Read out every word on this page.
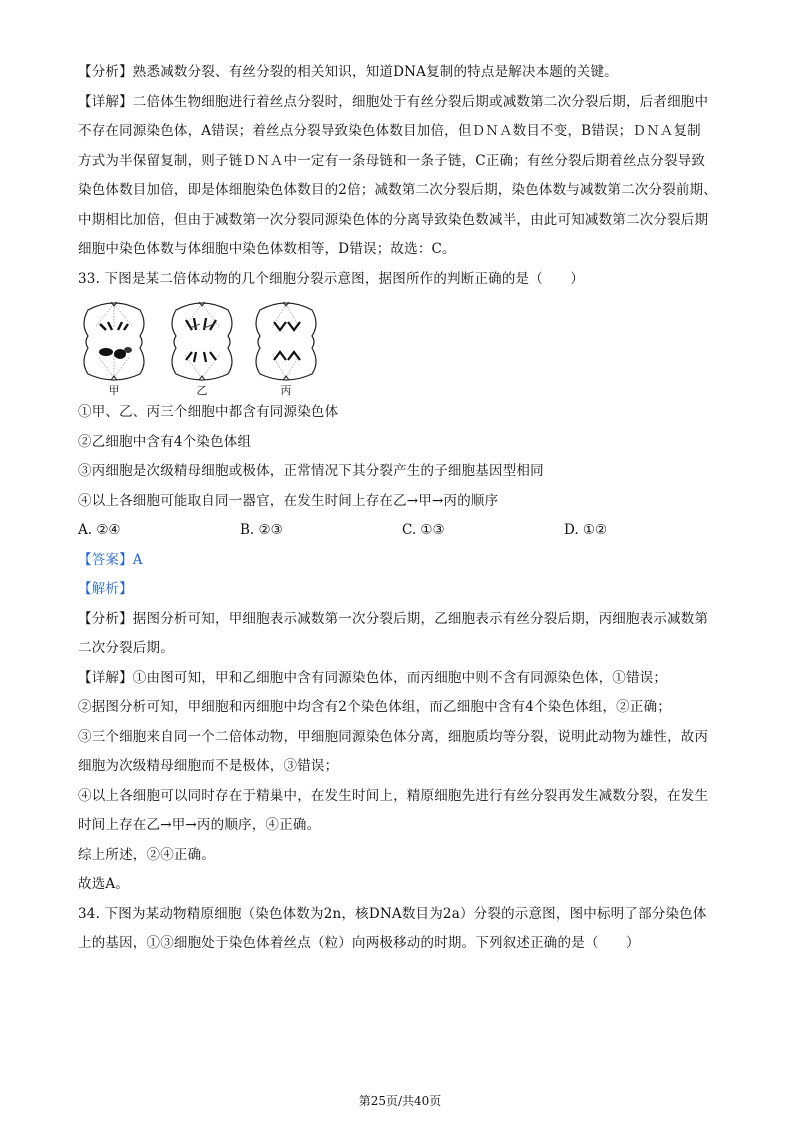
【分析】熟悉减数分裂、有丝分裂的相关知识，知道DNA复制的特点是解决本题的关键。

【详解】二倍体生物细胞进行着丝点分裂时，细胞处于有丝分裂后期或减数第二次分裂后期，后者细胞中

不存在同源染色体，A错误；着丝点分裂导致染色体数目加倍，但ＤＮＡ数目不变，B错误；ＤＮＡ复制

方式为半保留复制，则子链ＤＮＡ中一定有一条母链和一条子链，C正确；有丝分裂后期着丝点分裂导致

染色体数目加倍，即是体细胞染色体数目的2倍；减数第二次分裂后期，染色体数与减数第二次分裂前期、

中期相比加倍，但由于减数第一次分裂同源染色体的分离导致染色数减半，由此可知减数第二次分裂后期

细胞中染色体数与体细胞中染色体数相等，D错误；故选：C。

33. 下图是某二倍体动物的几个细胞分裂示意图，据图所作的判断正确的是（　　）

甲	乙	丙

①甲、乙、丙三个细胞中都含有同源染色体

②乙细胞中含有4个染色体组

③丙细胞是次级精母细胞或极体，正常情况下其分裂产生的子细胞基因型相同

④以上各细胞可能取自同一器官，在发生时间上存在乙→甲→丙的顺序

A. ②④	B. ②③	C. ①③	D. ①②

【答案】A

【解析】

【分析】据图分析可知，甲细胞表示减数第一次分裂后期，乙细胞表示有丝分裂后期，丙细胞表示减数第

二次分裂后期。

【详解】①由图可知，甲和乙细胞中含有同源染色体，而丙细胞中则不含有同源染色体，①错误；

②据图分析可知，甲细胞和丙细胞中均含有2个染色体组，而乙细胞中含有4个染色体组，②正确；

③三个细胞来自同一个二倍体动物，甲细胞同源染色体分离，细胞质均等分裂，说明此动物为雄性，故丙

细胞为次级精母细胞而不是极体，③错误；

④以上各细胞可以同时存在于精巢中，在发生时间上，精原细胞先进行有丝分裂再发生减数分裂，在发生

时间上存在乙→甲→丙的顺序，④正确。

综上所述，②④正确。

故选A。

34. 下图为某动物精原细胞（染色体数为2n，核DNA数目为2a）分裂的示意图，图中标明了部分染色体

上的基因，①③细胞处于染色体着丝点（粒）向两极移动的时期。下列叙述正确的是（　　）

第25页/共40页
